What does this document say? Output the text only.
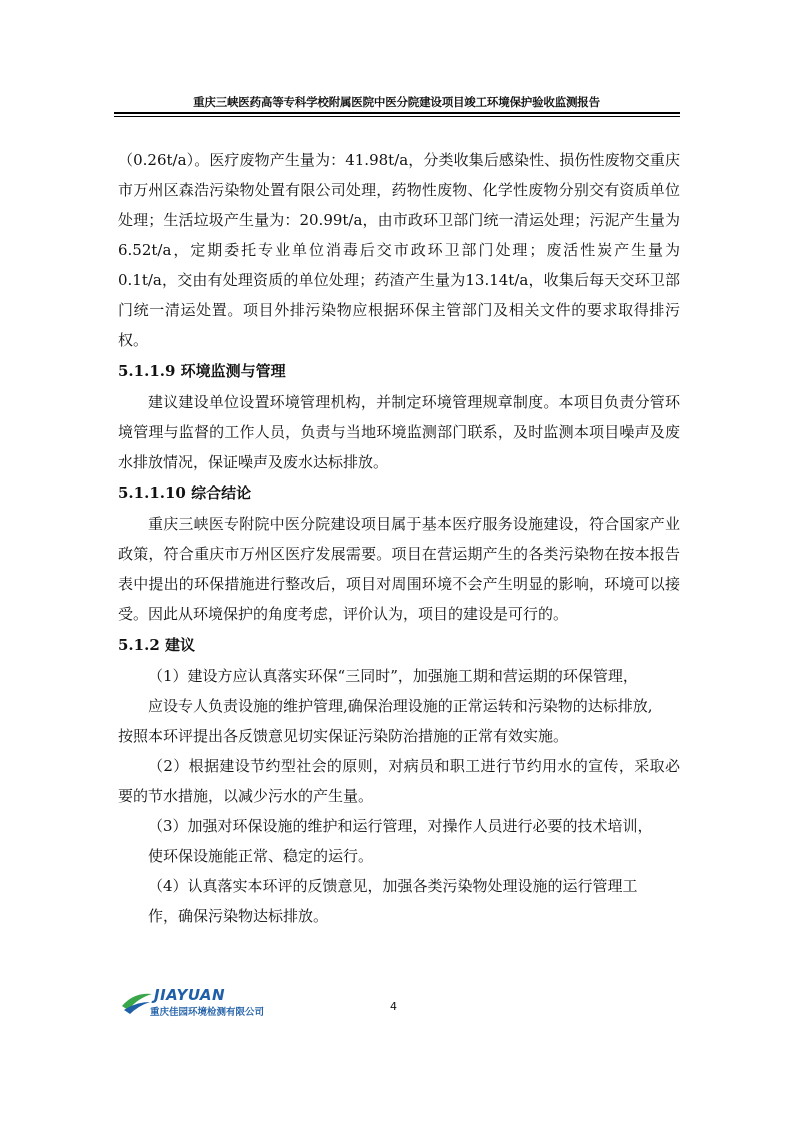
重庆三峡医药高等专科学校附属医院中医分院建设项目竣工环境保护验收监测报告

（0.26t/a）。医疗废物产生量为：41.98t/a，分类收集后感染性、损伤性废物交重庆市万州区森浩污染物处置有限公司处理，药物性废物、化学性废物分别交有资质单位处理；生活垃圾产生量为：20.99t/a，由市政环卫部门统一清运处理；污泥产生量为6.52t/a，定期委托专业单位消毒后交市政环卫部门处理；废活性炭产生量为0.1t/a，交由有处理资质的单位处理；药渣产生量为13.14t/a，收集后每天交环卫部门统一清运处置。项目外排污染物应根据环保主管部门及相关文件的要求取得排污权。

5.1.1.9 环境监测与管理

建议建设单位设置环境管理机构，并制定环境管理规章制度。本项目负责分管环境管理与监督的工作人员，负责与当地环境监测部门联系，及时监测本项目噪声及废水排放情况，保证噪声及废水达标排放。

5.1.1.10 综合结论

重庆三峡医专附院中医分院建设项目属于基本医疗服务设施建设，符合国家产业政策，符合重庆市万州区医疗发展需要。项目在营运期产生的各类污染物在按本报告表中提出的环保措施进行整改后，项目对周围环境不会产生明显的影响，环境可以接受。因此从环境保护的角度考虑，评价认为，项目的建设是可行的。

5.1.2 建议

（1）建设方应认真落实环保“三同时”，加强施工期和营运期的环保管理，

应设专人负责设施的维护管理,确保治理设施的正常运转和污染物的达标排放,

按照本环评提出各反馈意见切实保证污染防治措施的正常有效实施。

（2）根据建设节约型社会的原则，对病员和职工进行节约用水的宣传，采取必要的节水措施，以减少污水的产生量。

（3）加强对环保设施的维护和运行管理，对操作人员进行必要的技术培训，

使环保设施能正常、稳定的运行。

（4）认真落实本环评的反馈意见，加强各类污染物处理设施的运行管理工

作，确保污染物达标排放。

JIAYUAN
重庆佳园环境检测有限公司	4
